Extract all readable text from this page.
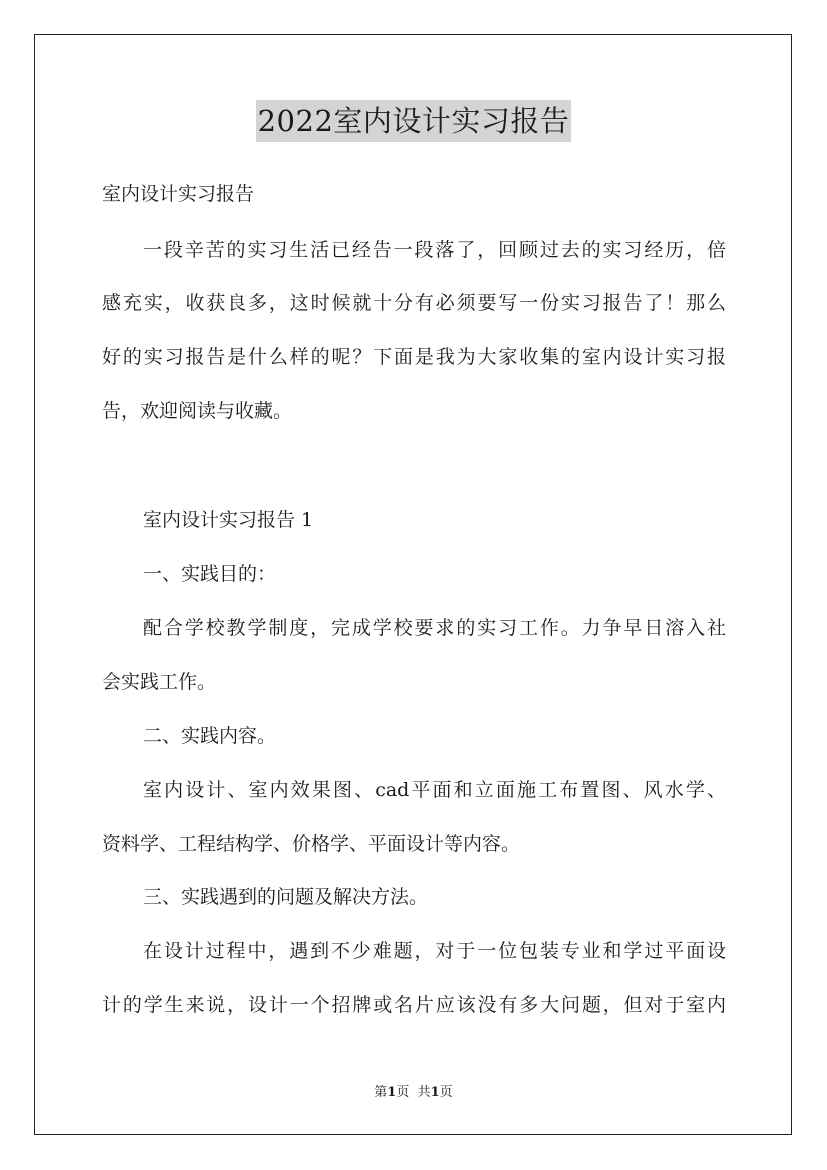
2022室内设计实习报告
室内设计实习报告
一段辛苦的实习生活已经告一段落了，回顾过去的实习经历，倍
感充实，收获良多，这时候就十分有必须要写一份实习报告了！那么
好的实习报告是什么样的呢？下面是我为大家收集的室内设计实习报
告，欢迎阅读与收藏。
室内设计实习报告 1
一、实践目的：
配合学校教学制度，完成学校要求的实习工作。力争早日溶入社
会实践工作。
二、实践内容。
室内设计、室内效果图、cad平面和立面施工布置图、风水学、
资料学、工程结构学、价格学、平面设计等内容。
三、实践遇到的问题及解决方法。
在设计过程中，遇到不少难题，对于一位包装专业和学过平面设
计的学生来说，设计一个招牌或名片应该没有多大问题，但对于室内
第1页 共1页
